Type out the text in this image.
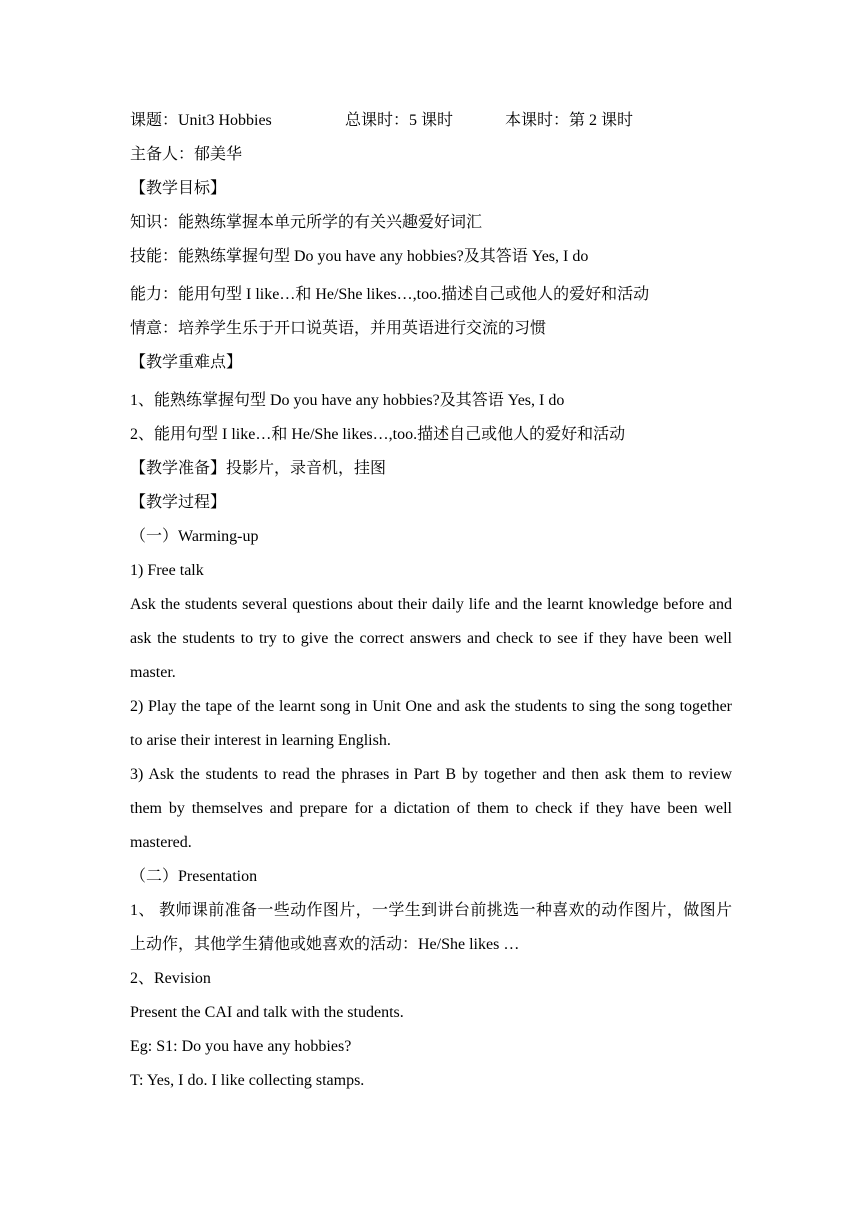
课题：Unit3 Hobbies	总课时：5 课时	本课时：第 2 课时
主备人：郁美华
【教学目标】
知识：能熟练掌握本单元所学的有关兴趣爱好词汇
技能：能熟练掌握句型 Do you have any hobbies?及其答语 Yes, I do
能力：能用句型 I like…和 He/She likes…,too.描述自己或他人的爱好和活动
情意：培养学生乐于开口说英语，并用英语进行交流的习惯
【教学重难点】
1、能熟练掌握句型 Do you have any hobbies?及其答语 Yes, I do
2、能用句型 I like…和 He/She likes…,too.描述自己或他人的爱好和活动
【教学准备】投影片，录音机，挂图
【教学过程】
（一）Warming-up
1) Free talk
Ask the students several questions about their daily life and the learnt knowledge before and ask the students to try to give the correct answers and check to see if they have been well master.
2) Play the tape of the learnt song in Unit One and ask the students to sing the song together to arise their interest in learning English.
3) Ask the students to read the phrases in Part B by together and then ask them to review them by themselves and prepare for a dictation of them to check if they have been well mastered.
（二）Presentation
1、 教师课前准备一些动作图片，一学生到讲台前挑选一种喜欢的动作图片，做图片上动作，其他学生猜他或她喜欢的活动：He/She likes …
2、Revision
Present the CAI and talk with the students.
Eg: S1: Do you have any hobbies?
T: Yes, I do. I like collecting stamps.
